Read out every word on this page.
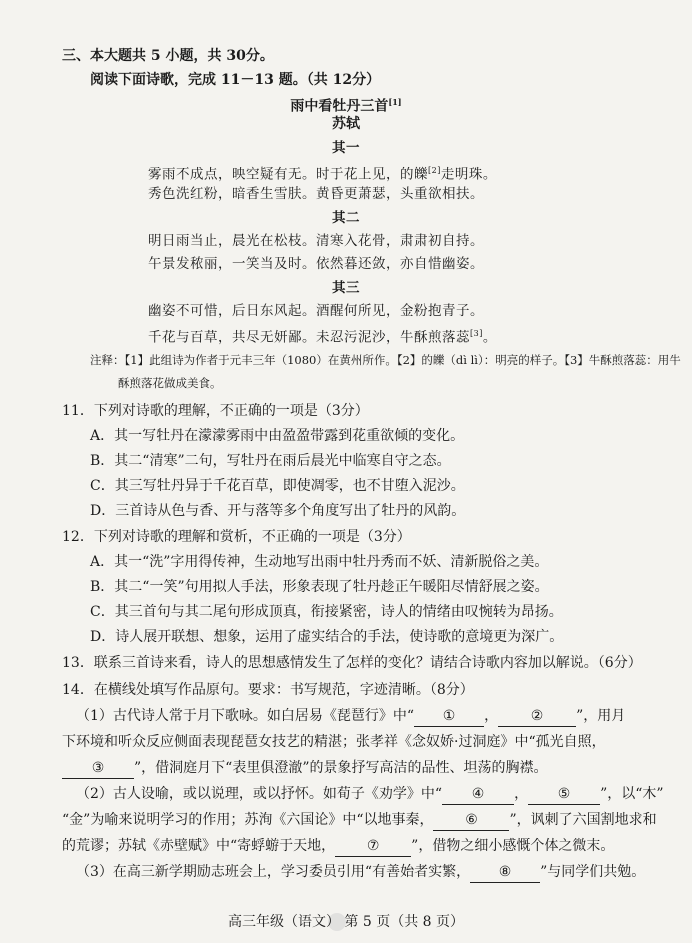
三、本大题共 5 小题，共 30分。
阅读下面诗歌，完成 11－13 题。（共 12分）
雨中看牡丹三首[1]
苏轼
其一
雾雨不成点，映空疑有无。时于花上见，的皪[2]走明珠。
秀色洗红粉，暗香生雪肤。黄昏更萧瑟，头重欲相扶。
其二
明日雨当止，晨光在松枝。清寒入花骨，肃肃初自持。
午景发秾丽，一笑当及时。依然暮还敛，亦自惜幽姿。
其三
幽姿不可惜，后日东风起。酒醒何所见，金粉抱青子。
千花与百草，共尽无妍鄙。未忍污泥沙，牛酥煎落蕊[3]。
注释：【1】此组诗为作者于元丰三年（1080）在黄州所作。【2】的皪（dì lì）：明亮的样子。【3】牛酥煎落蕊：用牛
酥煎落花做成美食。
11．下列对诗歌的理解，不正确的一项是（3分）
A．其一写牡丹在濛濛雾雨中由盈盈带露到花重欲倾的变化。
B．其二“清寒”二句，写牡丹在雨后晨光中临寒自守之态。
C．其三写牡丹异于千花百草，即使凋零，也不甘堕入泥沙。
D．三首诗从色与香、开与落等多个角度写出了牡丹的风韵。
12．下列对诗歌的理解和赏析，不正确的一项是（3分）
A．其一“洗”字用得传神，生动地写出雨中牡丹秀而不妖、清新脱俗之美。
B．其二“一笑”句用拟人手法，形象表现了牡丹趁正午暖阳尽情舒展之姿。
C．其三首句与其二尾句形成顶真，衔接紧密，诗人的情绪由叹惋转为昂扬。
D．诗人展开联想、想象，运用了虚实结合的手法，使诗歌的意境更为深广。
13．联系三首诗来看，诗人的思想感情发生了怎样的变化？请结合诗歌内容加以解说。（6分）
14．在横线处填写作品原句。要求：书写规范，字迹清晰。（8分）
（1）古代诗人常于月下歌咏。如白居易《琵琶行》中“ ① ， ② ”，用月
下环境和听众反应侧面表现琵琶女技艺的精湛；张孝祥《念奴娇·过洞庭》中“孤光自照，
③ ”，借洞庭月下“表里俱澄澈”的景象抒写高洁的品性、坦荡的胸襟。
（2）古人设喻，或以说理，或以抒怀。如荀子《劝学》中“ ④ ， ⑤ ”，以“木”
“金”为喻来说明学习的作用；苏洵《六国论》中“以地事秦， ⑥ ”，讽刺了六国割地求和
的荒谬；苏轼《赤壁赋》中“寄蜉蝣于天地， ⑦ ”，借物之细小感慨个体之微末。
（3）在高三新学期励志班会上，学习委员引用“有善始者实繁， ⑧ ”与同学们共勉。
高三年级（语文） 第 5 页（共 8 页）
